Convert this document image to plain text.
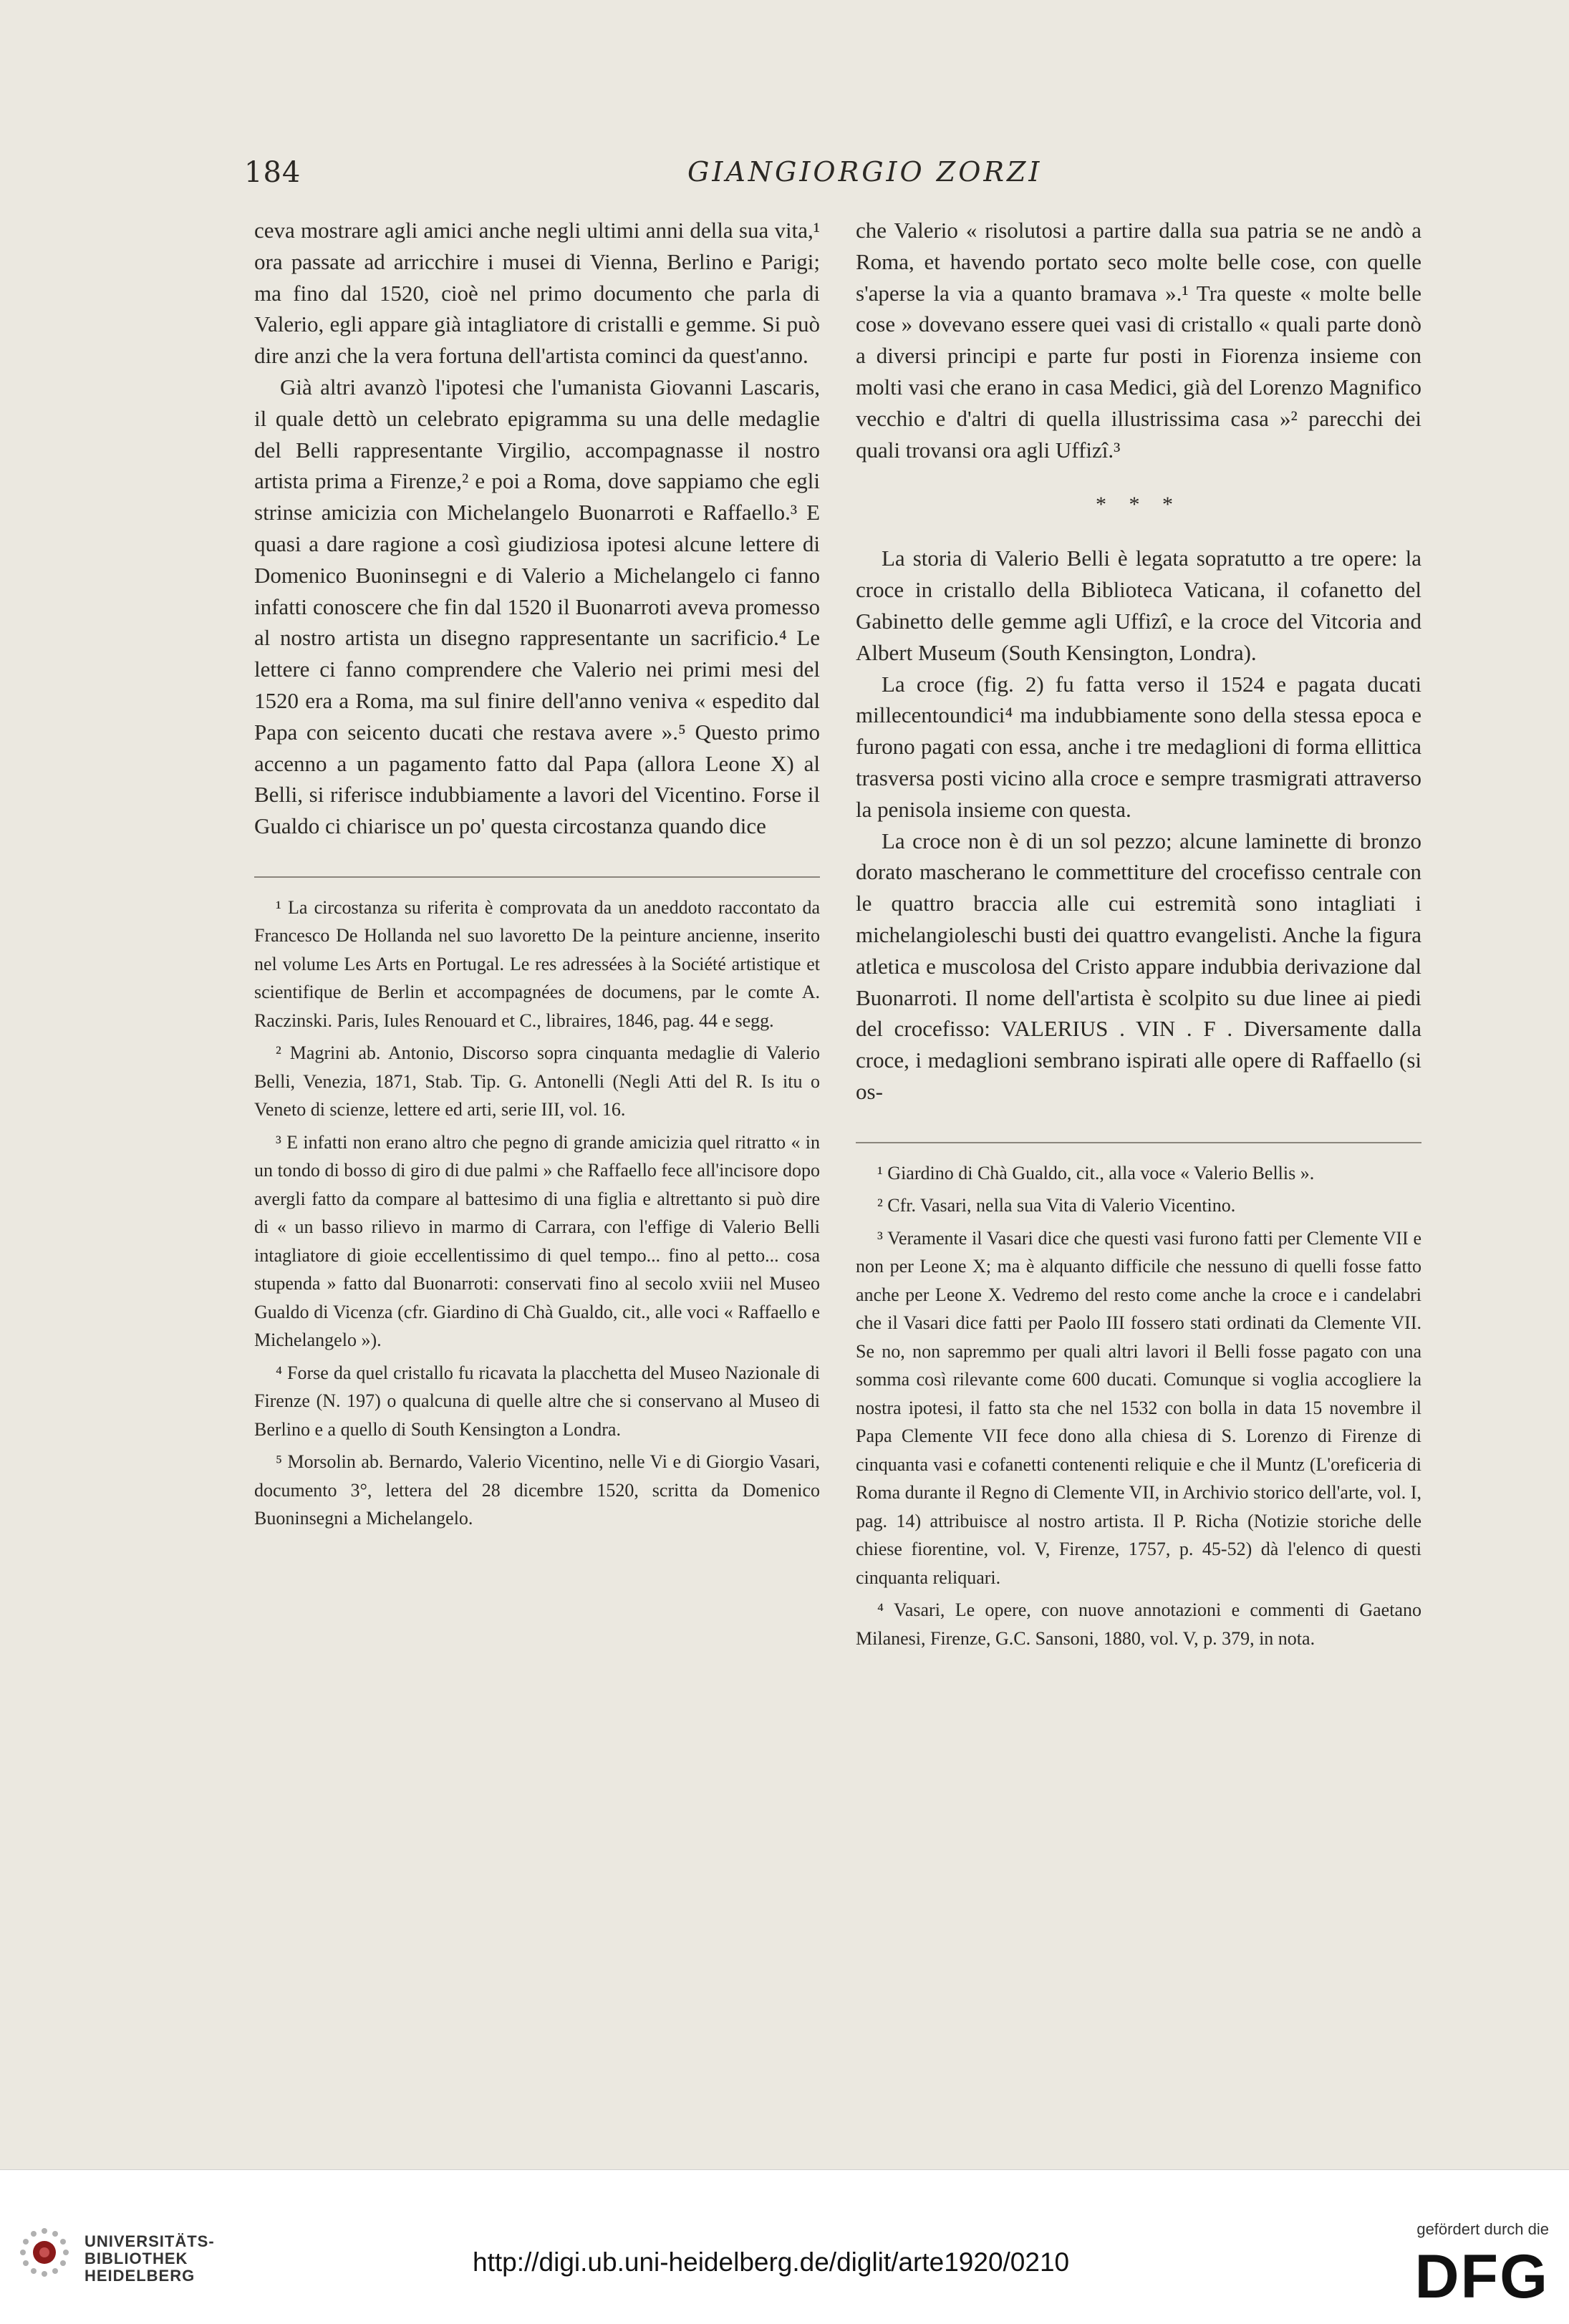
184	GIANGIORGIO ZORZI

ceva mostrare agli amici anche negli ultimi anni della sua vita,¹ ora passate ad arricchire i musei di Vienna, Berlino e Parigi; ma fino dal 1520, cioè nel primo documento che parla di Valerio, egli appare già intagliatore di cristalli e gemme. Si può dire anzi che la vera fortuna dell'artista cominci da quest'anno.

Già altri avanzò l'ipotesi che l'umanista Giovanni Lascaris, il quale dettò un celebrato epigramma su una delle medaglie del Belli rappresentante Virgilio, accompagnasse il nostro artista prima a Firenze,² e poi a Roma, dove sappiamo che egli strinse amicizia con Michelangelo Buonarroti e Raffaello.³ E quasi a dare ragione a così giudiziosa ipotesi alcune lettere di Domenico Buoninsegni e di Valerio a Michelangelo ci fanno infatti conoscere che fin dal 1520 il Buonarroti aveva promesso al nostro artista un disegno rappresentante un sacrificio.⁴ Le lettere ci fanno comprendere che Valerio nei primi mesi del 1520 era a Roma, ma sul finire dell'anno veniva « espedito dal Papa con seicento ducati che restava avere ».⁵ Questo primo accenno a un pagamento fatto dal Papa (allora Leone X) al Belli, si riferisce indubbiamente a lavori del Vicentino. Forse il Gualdo ci chiarisce un po' questa circostanza quando dice

¹ La circostanza su riferita è comprovata da un aneddoto raccontato da Francesco De Hollanda nel suo lavoretto De la peinture ancienne, inserito nel volume Les Arts en Portugal. Le res adressées à la Société artistique et scientifique de Berlin et accompagnées de documens, par le comte A. Raczinski. Paris, Iules Renouard et C., libraires, 1846, pag. 44 e segg.

² Magrini ab. Antonio, Discorso sopra cinquanta medaglie di Valerio Belli, Venezia, 1871, Stab. Tip. G. Antonelli (Negli Atti del R. Is itu o Veneto di scienze, lettere ed arti, serie III, vol. 16.

³ E infatti non erano altro che pegno di grande amicizia quel ritratto « in un tondo di bosso di giro di due palmi » che Raffaello fece all'incisore dopo avergli fatto da compare al battesimo di una figlia e altrettanto si può dire di « un basso rilievo in marmo di Carrara, con l'effige di Valerio Belli intagliatore di gioie eccellentissimo di quel tempo... fino al petto... cosa stupenda » fatto dal Buonarroti: conservati fino al secolo xviii nel Museo Gualdo di Vicenza (cfr. Giardino di Chà Gualdo, cit., alle voci « Raffaello e Michelangelo »).

⁴ Forse da quel cristallo fu ricavata la placchetta del Museo Nazionale di Firenze (N. 197) o qualcuna di quelle altre che si conservano al Museo di Berlino e a quello di South Kensington a Londra.

⁵ Morsolin ab. Bernardo, Valerio Vicentino, nelle Vi e di Giorgio Vasari, documento 3°, lettera del 28 dicembre 1520, scritta da Domenico Buoninsegni a Michelangelo.

che Valerio « risolutosi a partire dalla sua patria se ne andò a Roma, et havendo portato seco molte belle cose, con quelle s'aperse la via a quanto bramava ».¹ Tra queste « molte belle cose » dovevano essere quei vasi di cristallo « quali parte donò a diversi principi e parte fur posti in Fiorenza insieme con molti vasi che erano in casa Medici, già del Lorenzo Magnifico vecchio e d'altri di quella illustrissima casa »² parecchi dei quali trovansi ora agli Uffizî.³

* * *

La storia di Valerio Belli è legata sopratutto a tre opere: la croce in cristallo della Biblioteca Vaticana, il cofanetto del Gabinetto delle gemme agli Uffizî, e la croce del Vitcoria and Albert Museum (South Kensington, Londra).

La croce (fig. 2) fu fatta verso il 1524 e pagata ducati millecentoundici⁴ ma indubbiamente sono della stessa epoca e furono pagati con essa, anche i tre medaglioni di forma ellittica trasversa posti vicino alla croce e sempre trasmigrati attraverso la penisola insieme con questa.

La croce non è di un sol pezzo; alcune laminette di bronzo dorato mascherano le commettiture del crocefisso centrale con le quattro braccia alle cui estremità sono intagliati i michelangioleschi busti dei quattro evangelisti. Anche la figura atletica e muscolosa del Cristo appare indubbia derivazione dal Buonarroti. Il nome dell'artista è scolpito su due linee ai piedi del crocefisso: VALERIUS . VIN . F . Diversamente dalla croce, i medaglioni sembrano ispirati alle opere di Raffaello (si os-

¹ Giardino di Chà Gualdo, cit., alla voce « Valerio Bellis ».

² Cfr. Vasari, nella sua Vita di Valerio Vicentino.

³ Veramente il Vasari dice che questi vasi furono fatti per Clemente VII e non per Leone X; ma è alquanto difficile che nessuno di quelli fosse fatto anche per Leone X. Vedremo del resto come anche la croce e i candelabri che il Vasari dice fatti per Paolo III fossero stati ordinati da Clemente VII. Se no, non sapremmo per quali altri lavori il Belli fosse pagato con una somma così rilevante come 600 ducati. Comunque si voglia accogliere la nostra ipotesi, il fatto sta che nel 1532 con bolla in data 15 novembre il Papa Clemente VII fece dono alla chiesa di S. Lorenzo di Firenze di cinquanta vasi e cofanetti contenenti reliquie e che il Muntz (L'oreficeria di Roma durante il Regno di Clemente VII, in Archivio storico dell'arte, vol. I, pag. 14) attribuisce al nostro artista. Il P. Richa (Notizie storiche delle chiese fiorentine, vol. V, Firenze, 1757, p. 45-52) dà l'elenco di questi cinquanta reliquari.

⁴ Vasari, Le opere, con nuove annotazioni e commenti di Gaetano Milanesi, Firenze, G.C. Sansoni, 1880, vol. V, p. 379, in nota.

UNIVERSITÄTS-
BIBLIOTHEK
HEIDELBERG	http://digi.ub.uni-heidelberg.de/diglit/arte1920/0210
gefördert durch die
DFG
